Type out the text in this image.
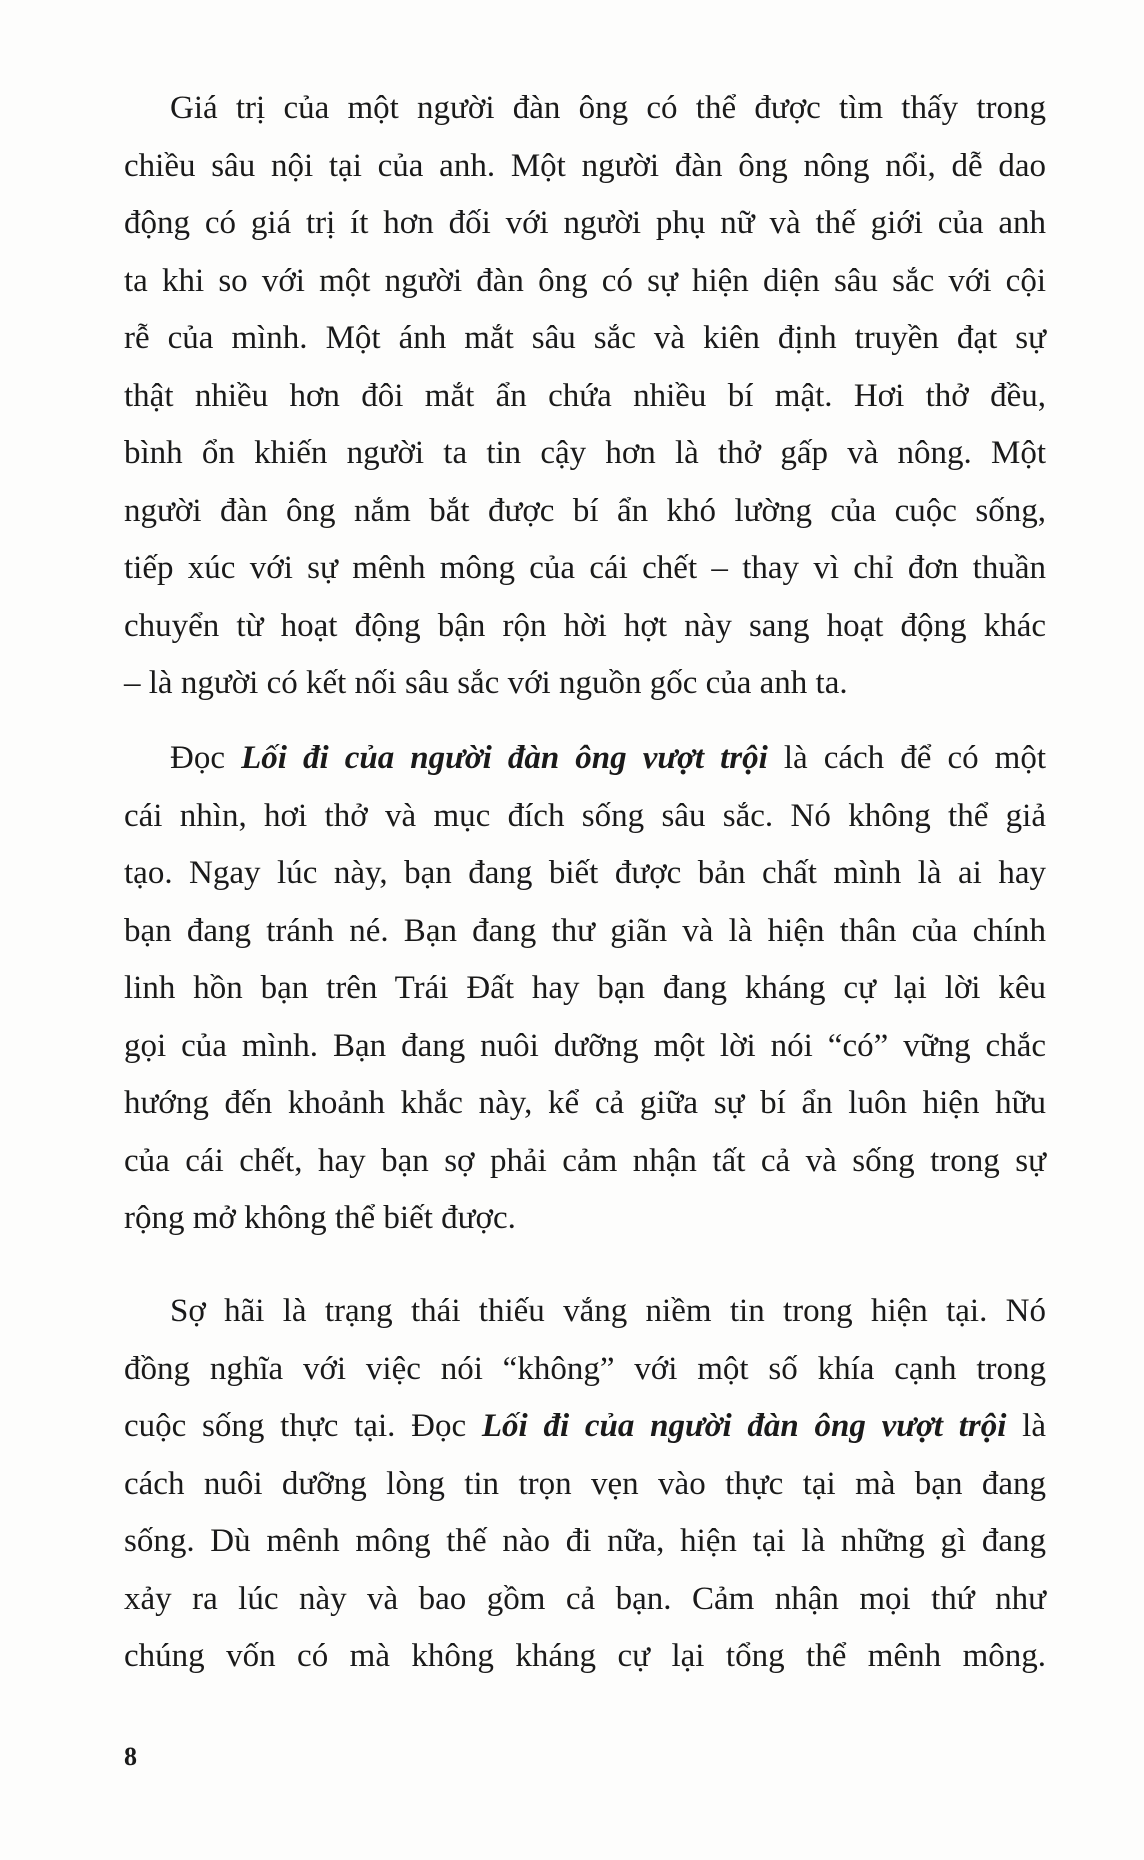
Giá trị của một người đàn ông có thể được tìm thấy trong
chiều sâu nội tại của anh. Một người đàn ông nông nổi, dễ dao
động có giá trị ít hơn đối với người phụ nữ và thế giới của anh
ta khi so với một người đàn ông có sự hiện diện sâu sắc với cội
rễ của mình. Một ánh mắt sâu sắc và kiên định truyền đạt sự
thật nhiều hơn đôi mắt ẩn chứa nhiều bí mật. Hơi thở đều,
bình ổn khiến người ta tin cậy hơn là thở gấp và nông. Một
người đàn ông nắm bắt được bí ẩn khó lường của cuộc sống,
tiếp xúc với sự mênh mông của cái chết – thay vì chỉ đơn thuần
chuyển từ hoạt động bận rộn hời hợt này sang hoạt động khác
– là người có kết nối sâu sắc với nguồn gốc của anh ta.
Đọc Lối đi của người đàn ông vượt trội là cách để có một
cái nhìn, hơi thở và mục đích sống sâu sắc. Nó không thể giả
tạo. Ngay lúc này, bạn đang biết được bản chất mình là ai hay
bạn đang tránh né. Bạn đang thư giãn và là hiện thân của chính
linh hồn bạn trên Trái Đất hay bạn đang kháng cự lại lời kêu
gọi của mình. Bạn đang nuôi dưỡng một lời nói “có” vững chắc
hướng đến khoảnh khắc này, kể cả giữa sự bí ẩn luôn hiện hữu
của cái chết, hay bạn sợ phải cảm nhận tất cả và sống trong sự
rộng mở không thể biết được.
Sợ hãi là trạng thái thiếu vắng niềm tin trong hiện tại. Nó
đồng nghĩa với việc nói “không” với một số khía cạnh trong
cuộc sống thực tại. Đọc Lối đi của người đàn ông vượt trội là
cách nuôi dưỡng lòng tin trọn vẹn vào thực tại mà bạn đang
sống. Dù mênh mông thế nào đi nữa, hiện tại là những gì đang
xảy ra lúc này và bao gồm cả bạn. Cảm nhận mọi thứ như
chúng vốn có mà không kháng cự lại tổng thể mênh mông.
8
